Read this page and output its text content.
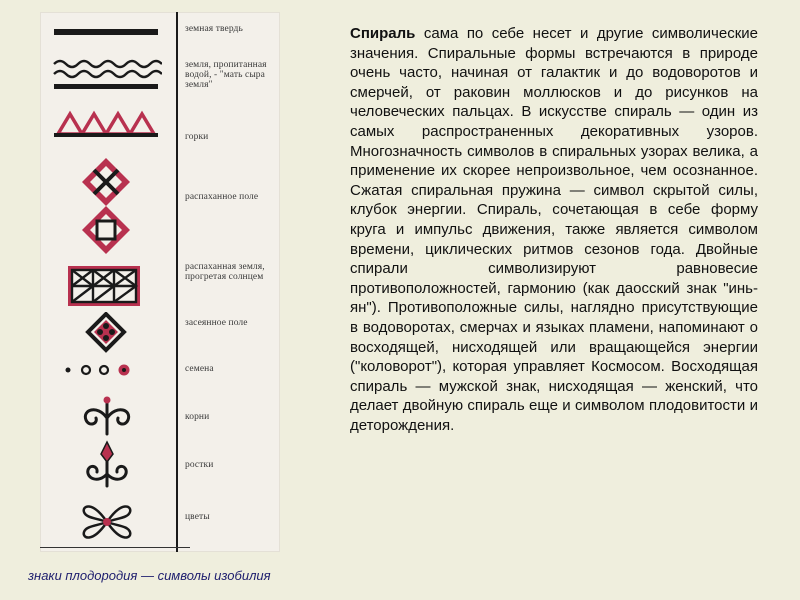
земная твердь
земля, пропитанная водой, - "мать сыра земля"
горки
распаханное поле
распаханная земля, прогретая солнцем
засеянное поле
семена
корни
ростки
цветы
знаки плодородия — символы изобилия
Спираль сама по себе несет и другие символические значения. Спиральные формы встречаются в природе очень часто, начиная от галактик и до водоворотов и смерчей, от раковин моллюсков и до рисунков на человеческих пальцах. В искусстве спираль — один из самых распространенных декоративных узоров. Многозначность символов в спиральных узорах велика, а применение их скорее непроизвольное, чем осознанное. Сжатая спиральная пружина — символ скрытой силы, клубок энергии. Спираль, сочетающая в себе форму круга и импульс движения, также является символом времени, циклических ритмов сезонов года. Двойные спирали символизируют равновесие противоположностей, гармонию (как даосский знак "инь-ян"). Противоположные силы, наглядно присутствующие в водоворотах, смерчах и языках пламени, напоминают о восходящей, нисходящей или вращающейся энергии ("коловорот"), которая управляет Космосом. Восходящая спираль — мужской знак, нисходящая — женский, что делает двойную спираль еще и символом плодовитости и деторождения.
